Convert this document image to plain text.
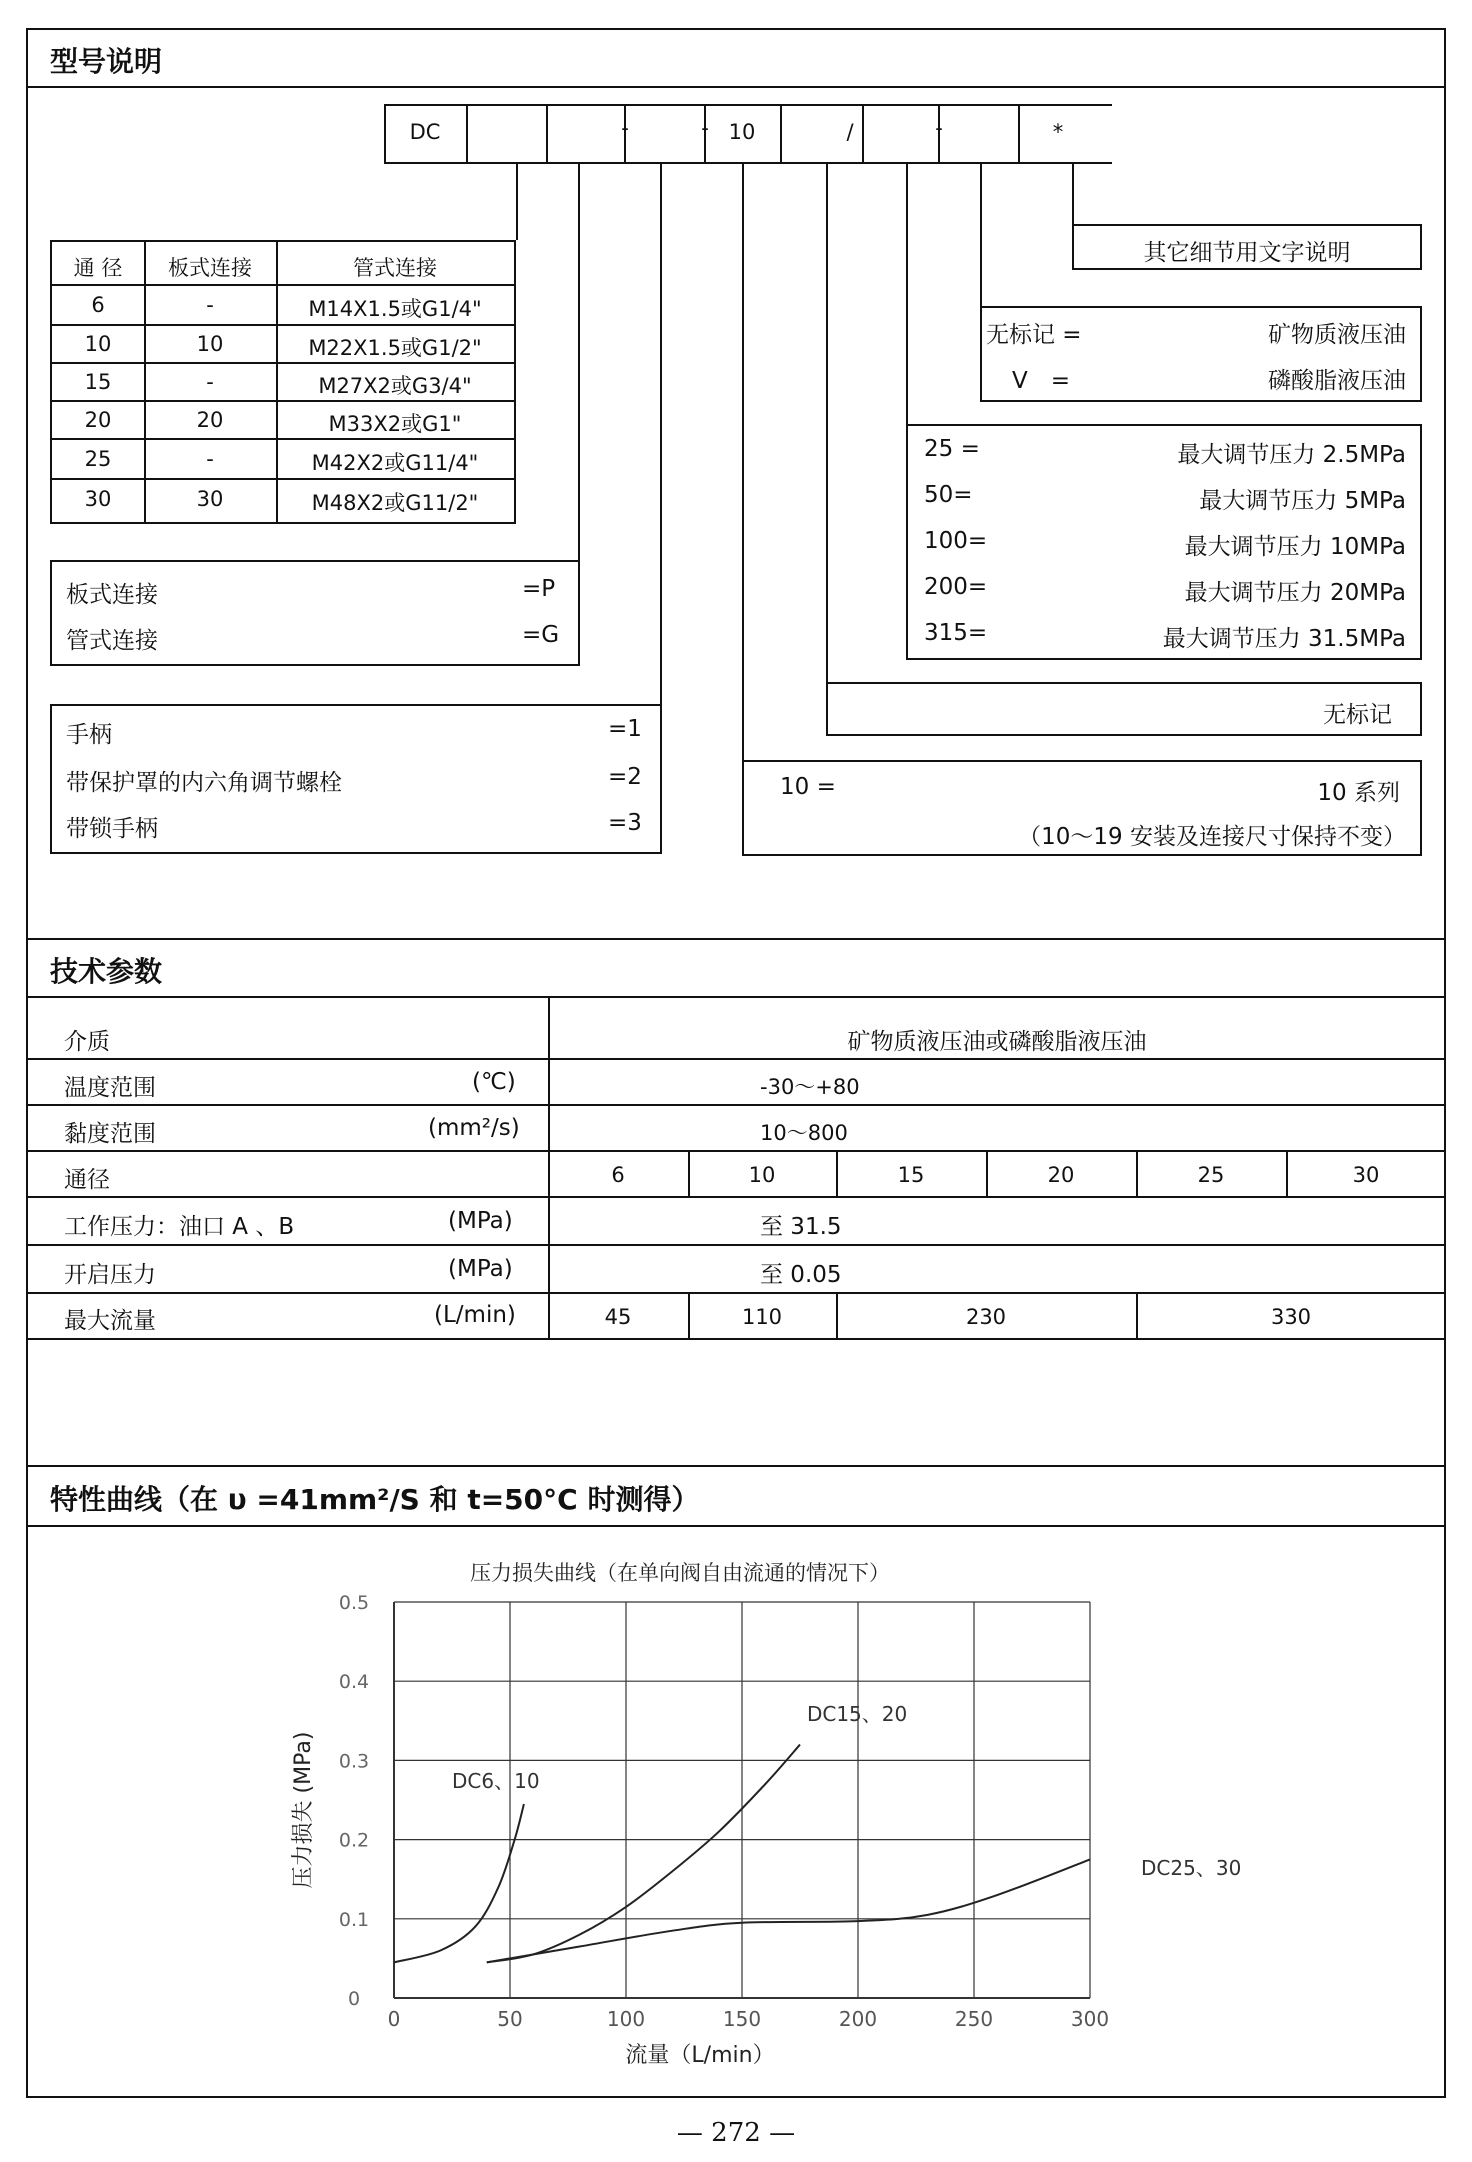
型号说明
技术参数
特性曲线（在 υ =41mm²/S 和 t=50°C 时测得）
DC	10	/	*
-	-	-
通 径	板式连接	管式连接
6	-	M14X1.5或G1/4"
10	10	M22X1.5或G1/2"
15	-	M27X2或G3/4"
20	20	M33X2或G1"
25	-	M42X2或G11/4"
30	30	M48X2或G11/2"
板式连接	=P
管式连接	=G
手柄	=1
带保护罩的内六角调节螺栓	=2
带锁手柄	=3
其它细节用文字说明
无标记 =	矿物质液压油
V　=	磷酸脂液压油
25 =	最大调节压力 2.5MPa
50=	最大调节压力 5MPa
100=	最大调节压力 10MPa
200=	最大调节压力 20MPa
315=	最大调节压力 31.5MPa
无标记
10 =	10 系列
（10～19 安装及连接尺寸保持不变）
介质	矿物质液压油或磷酸脂液压油
温度范围	(℃)	-30～+80
黏度范围	(mm²/s)	10～800
通径	6	10	15	20	25	30
工作压力：油口 A 、B	(MPa)	至 31.5
开启压力	(MPa)	至 0.05
最大流量	(L/min)	45	110	230	330
压力损失曲线（在单向阀自由流通的情况下）
0	50	100	150	200	250	300
0
0.1
0.2
0.3
0.4
0.5
DC6、10
DC15、20
DC25、30
流量（L/min）
压力损失 (MPa)
— 272 —
